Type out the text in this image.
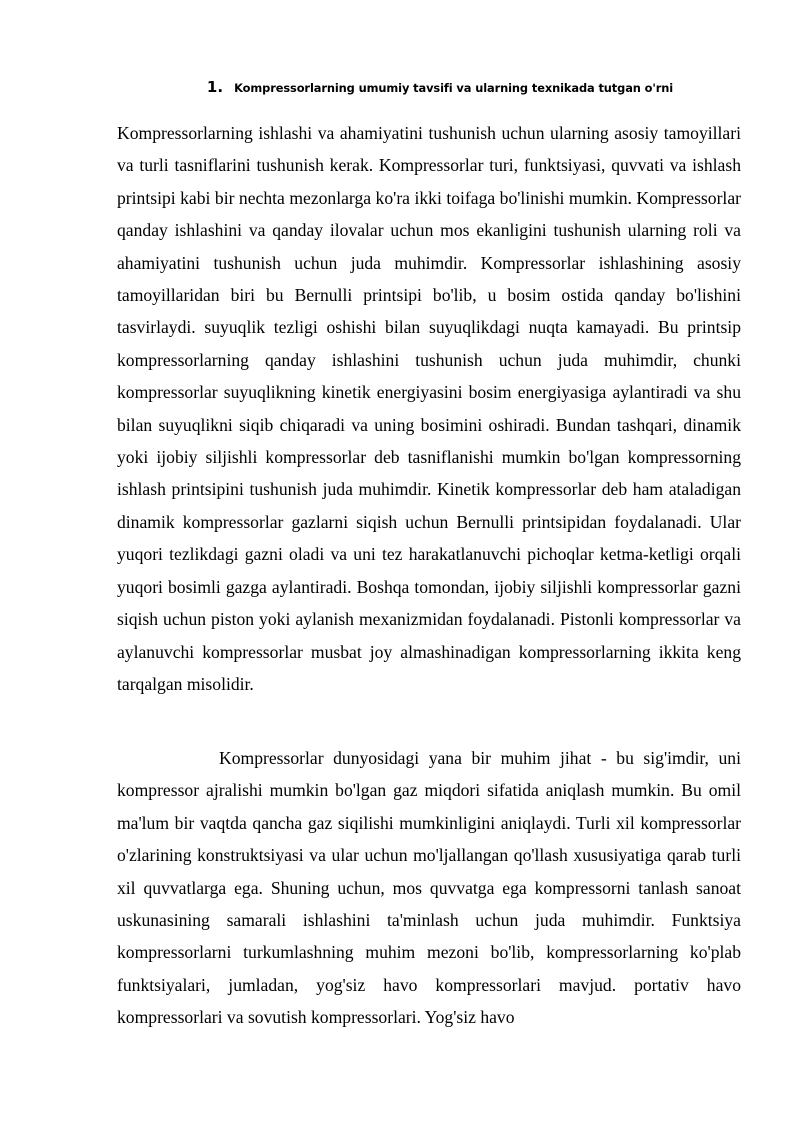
1. Kompressorlarning umumiy tavsifi va ularning texnikada tutgan o'rni

Kompressorlarning ishlashi va ahamiyatini tushunish uchun ularning asosiy tamoyillari va turli tasniflarini tushunish kerak. Kompressorlar turi, funktsiyasi, quvvati va ishlash printsipi kabi bir nechta mezonlarga ko'ra ikki toifaga bo'linishi mumkin. Kompressorlar qanday ishlashini va qanday ilovalar uchun mos ekanligini tushunish ularning roli va ahamiyatini tushunish uchun juda muhimdir. Kompressorlar ishlashining asosiy tamoyillaridan biri bu Bernulli printsipi bo'lib, u bosim ostida qanday bo'lishini tasvirlaydi. suyuqlik tezligi oshishi bilan suyuqlikdagi nuqta kamayadi. Bu printsip kompressorlarning qanday ishlashini tushunish uchun juda muhimdir, chunki kompressorlar suyuqlikning kinetik energiyasini bosim energiyasiga aylantiradi va shu bilan suyuqlikni siqib chiqaradi va uning bosimini oshiradi. Bundan tashqari, dinamik yoki ijobiy siljishli kompressorlar deb tasniflanishi mumkin bo'lgan kompressorning ishlash printsipini tushunish juda muhimdir. Kinetik kompressorlar deb ham ataladigan dinamik kompressorlar gazlarni siqish uchun Bernulli printsipidan foydalanadi. Ular yuqori tezlikdagi gazni oladi va uni tez harakatlanuvchi pichoqlar ketma-ketligi orqali yuqori bosimli gazga aylantiradi. Boshqa tomondan, ijobiy siljishli kompressorlar gazni siqish uchun piston yoki aylanish mexanizmidan foydalanadi. Pistonli kompressorlar va aylanuvchi kompressorlar musbat joy almashinadigan kompressorlarning ikkita keng tarqalgan misolidir.

Kompressorlar dunyosidagi yana bir muhim jihat - bu sig'imdir, uni kompressor ajralishi mumkin bo'lgan gaz miqdori sifatida aniqlash mumkin. Bu omil ma'lum bir vaqtda qancha gaz siqilishi mumkinligini aniqlaydi. Turli xil kompressorlar o'zlarining konstruktsiyasi va ular uchun mo'ljallangan qo'llash xususiyatiga qarab turli xil quvvatlarga ega. Shuning uchun, mos quvvatga ega kompressorni tanlash sanoat uskunasining samarali ishlashini ta'minlash uchun juda muhimdir. Funktsiya kompressorlarni turkumlashning muhim mezoni bo'lib, kompressorlarning ko'plab funktsiyalari, jumladan, yog'siz havo kompressorlari mavjud. portativ havo kompressorlari va sovutish kompressorlari. Yog'siz havo
